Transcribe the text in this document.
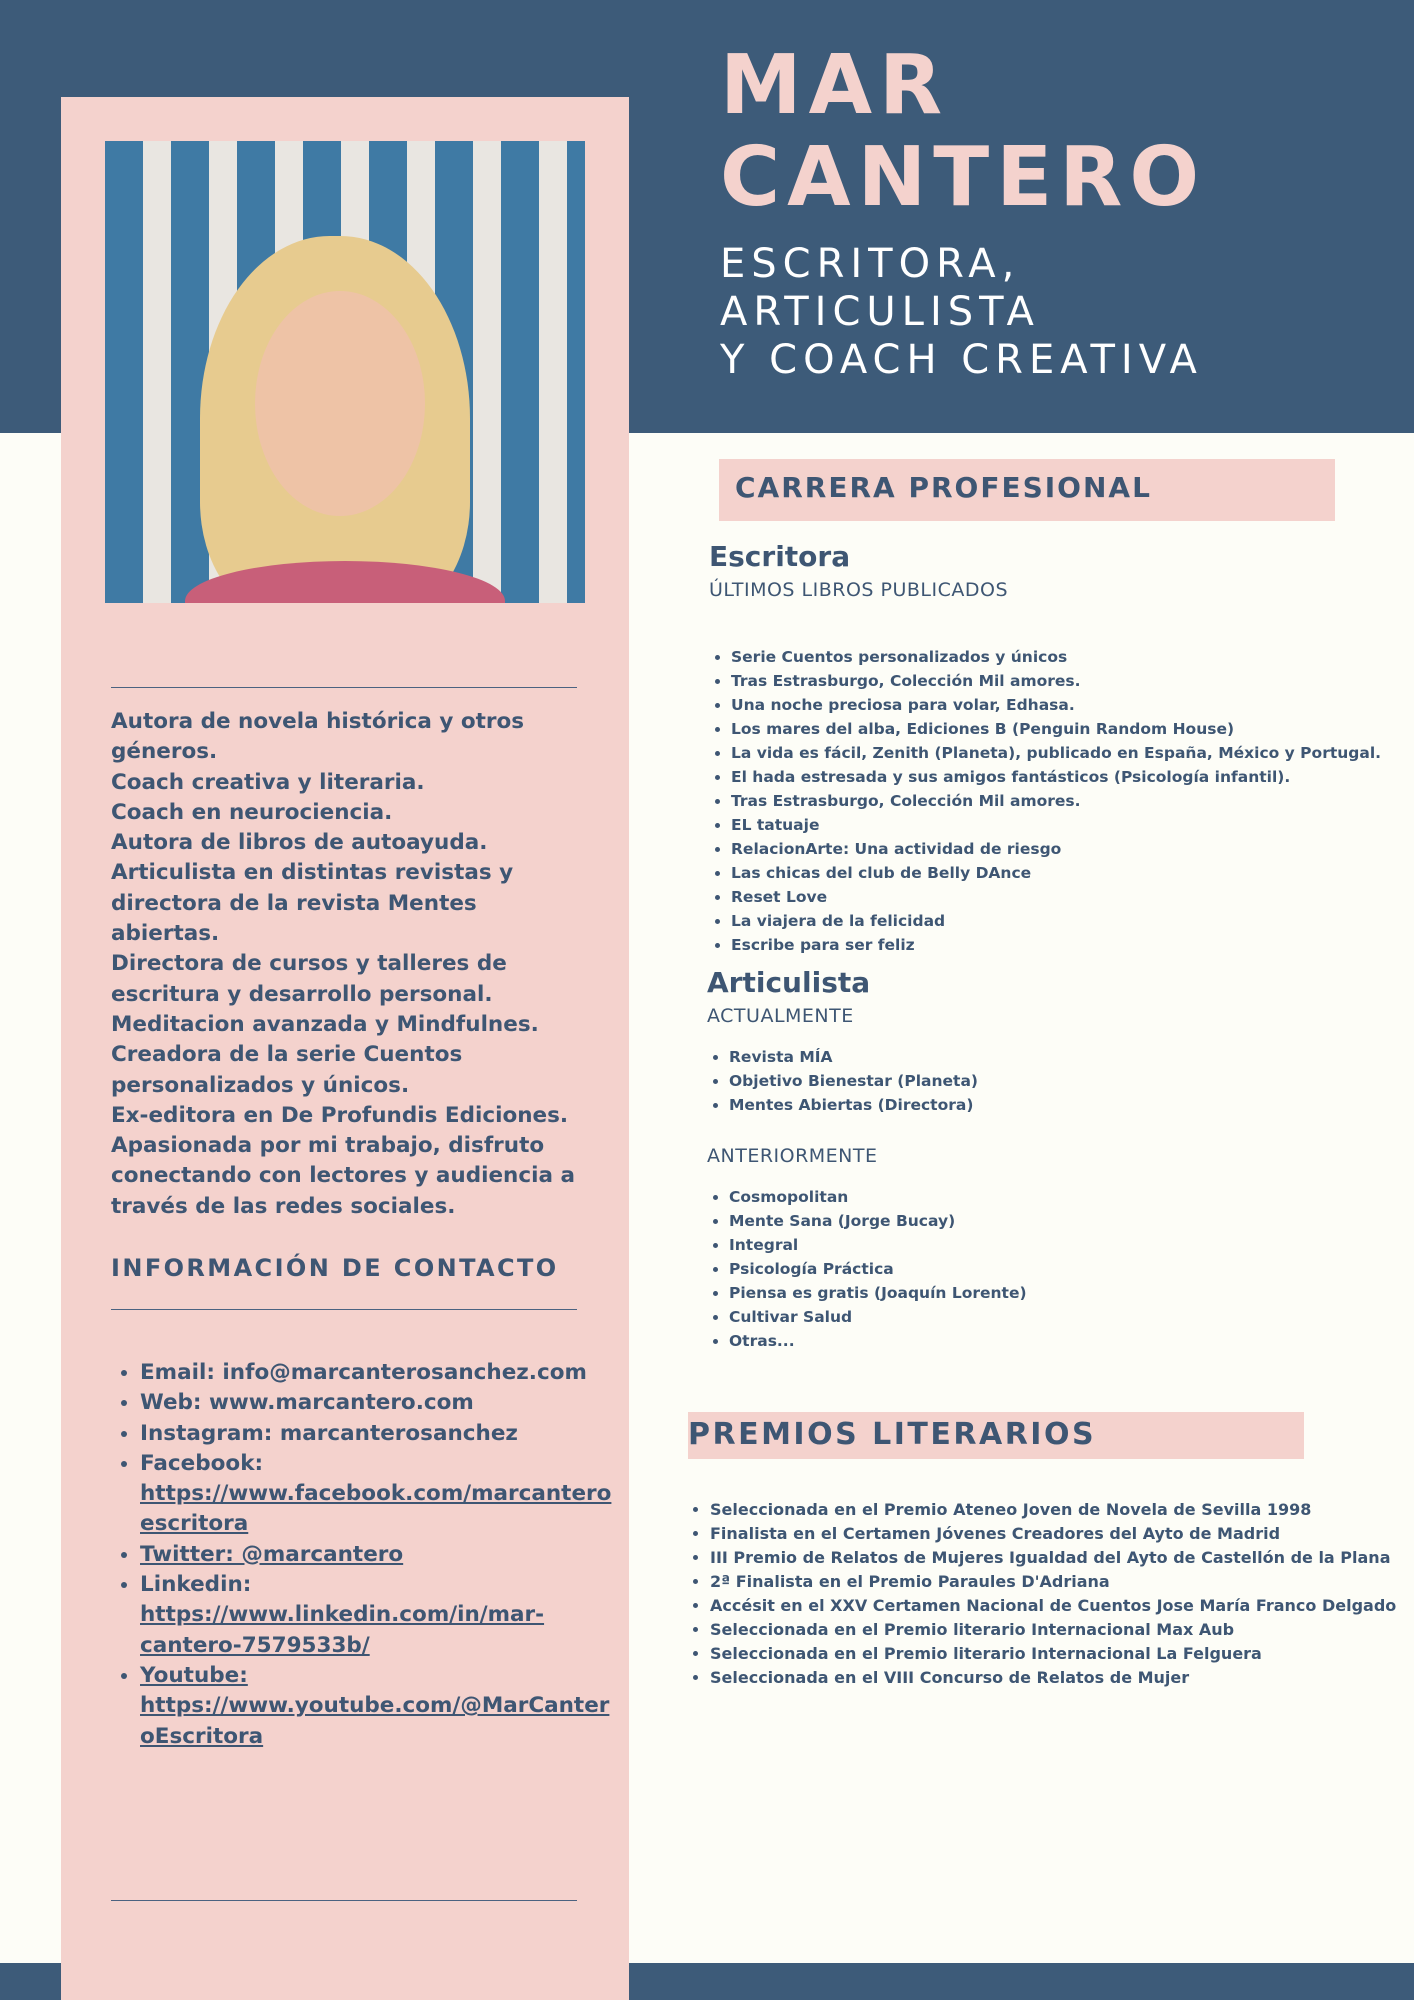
Autora de novela histórica y otros géneros.
Coach creativa y literaria.
Coach en neurociencia.
Autora de libros de autoayuda. Articulista en distintas revistas y directora de la revista Mentes abiertas.
Directora de cursos y talleres de escritura y desarrollo personal.
Meditacion avanzada y Mindfulnes.
Creadora de la serie Cuentos personalizados y únicos.
Ex-editora en De Profundis Ediciones.
Apasionada por mi trabajo, disfruto conectando con lectores y audiencia a través de las redes sociales.
INFORMACIÓN DE CONTACTO
• Email: info@marcanterosanchez.com
• Web: www.marcantero.com
• Instagram: marcanterosanchez
• Facebook:
https://www.facebook.com/marcanteroescritora
• Twitter: @marcantero
• Linkedin:
https://www.linkedin.com/in/mar-cantero-7579533b/
• Youtube:
https://www.youtube.com/@MarCanteroEscritora
MAR
CANTERO
ESCRITORA,
ARTICULISTA
Y COACH CREATIVA
CARRERA PROFESIONAL
Escritora
ÚLTIMOS LIBROS PUBLICADOS
• Serie Cuentos personalizados y únicos
• Tras Estrasburgo, Colección Mil amores.
• Una noche preciosa para volar, Edhasa.
• Los mares del alba, Ediciones B (Penguin Random House)
• La vida es fácil, Zenith (Planeta), publicado en España, México y Portugal.
• El hada estresada y sus amigos fantásticos (Psicología infantil).
• Tras Estrasburgo, Colección Mil amores.
• EL tatuaje
• RelacionArte: Una actividad de riesgo
• Las chicas del club de Belly DAnce
• Reset Love
• La viajera de la felicidad
• Escribe para ser feliz
Articulista
ACTUALMENTE
• Revista MÍA
• Objetivo Bienestar (Planeta)
• Mentes Abiertas (Directora)
ANTERIORMENTE
• Cosmopolitan
• Mente Sana (Jorge Bucay)
• Integral
• Psicología Práctica
• Piensa es gratis (Joaquín Lorente)
• Cultivar Salud
• Otras...
PREMIOS LITERARIOS
• Seleccionada en el Premio Ateneo Joven de Novela de Sevilla 1998
• Finalista en el Certamen Jóvenes Creadores del Ayto de Madrid
• III Premio de Relatos de Mujeres Igualdad del Ayto de Castellón de la Plana
• 2ª Finalista en el Premio Paraules D'Adriana
• Accésit en el XXV Certamen Nacional de Cuentos Jose María Franco Delgado
• Seleccionada en el Premio literario Internacional Max Aub
• Seleccionada en el Premio literario Internacional La Felguera
• Seleccionada en el VIII Concurso de Relatos de Mujer
